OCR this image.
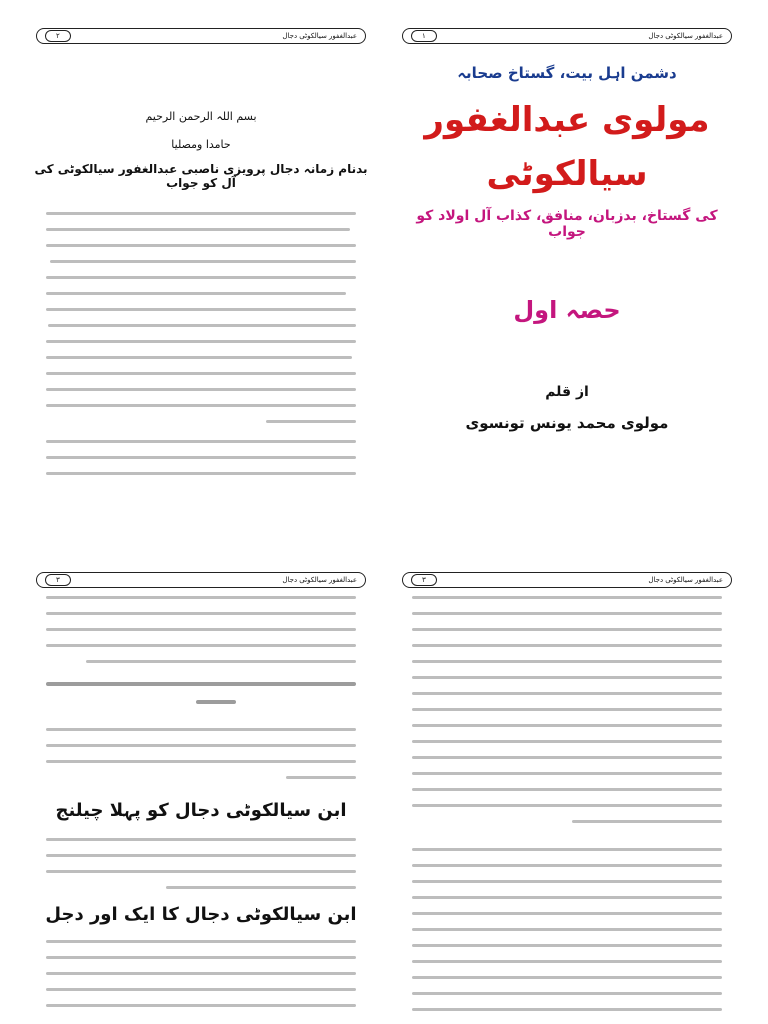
٢	عبدالغفور سیالکوٹی دجال
بسم اللہ الرحمن الرحیم
حامدا ومصلیا
بدنام زمانہ دجال پرویزی ناصبی عبدالغفور سیالکوٹی کی آل کو جواب
١	عبدالغفور سیالکوٹی دجال
دشمن اہل بیت، گستاخ صحابہ
مولوی عبدالغفور
سیالکوٹی
کی گستاخ، بدزبان، منافق، کذاب آل اولاد کو جواب
حصہ اول
از قلم
مولوی محمد یونس تونسوی
٣	عبدالغفور سیالکوٹی دجال
ابن سیالکوٹی دجال کو پہلا چیلنج
ابن سیالکوٹی دجال کا ایک اور دجل
٣	عبدالغفور سیالکوٹی دجال
